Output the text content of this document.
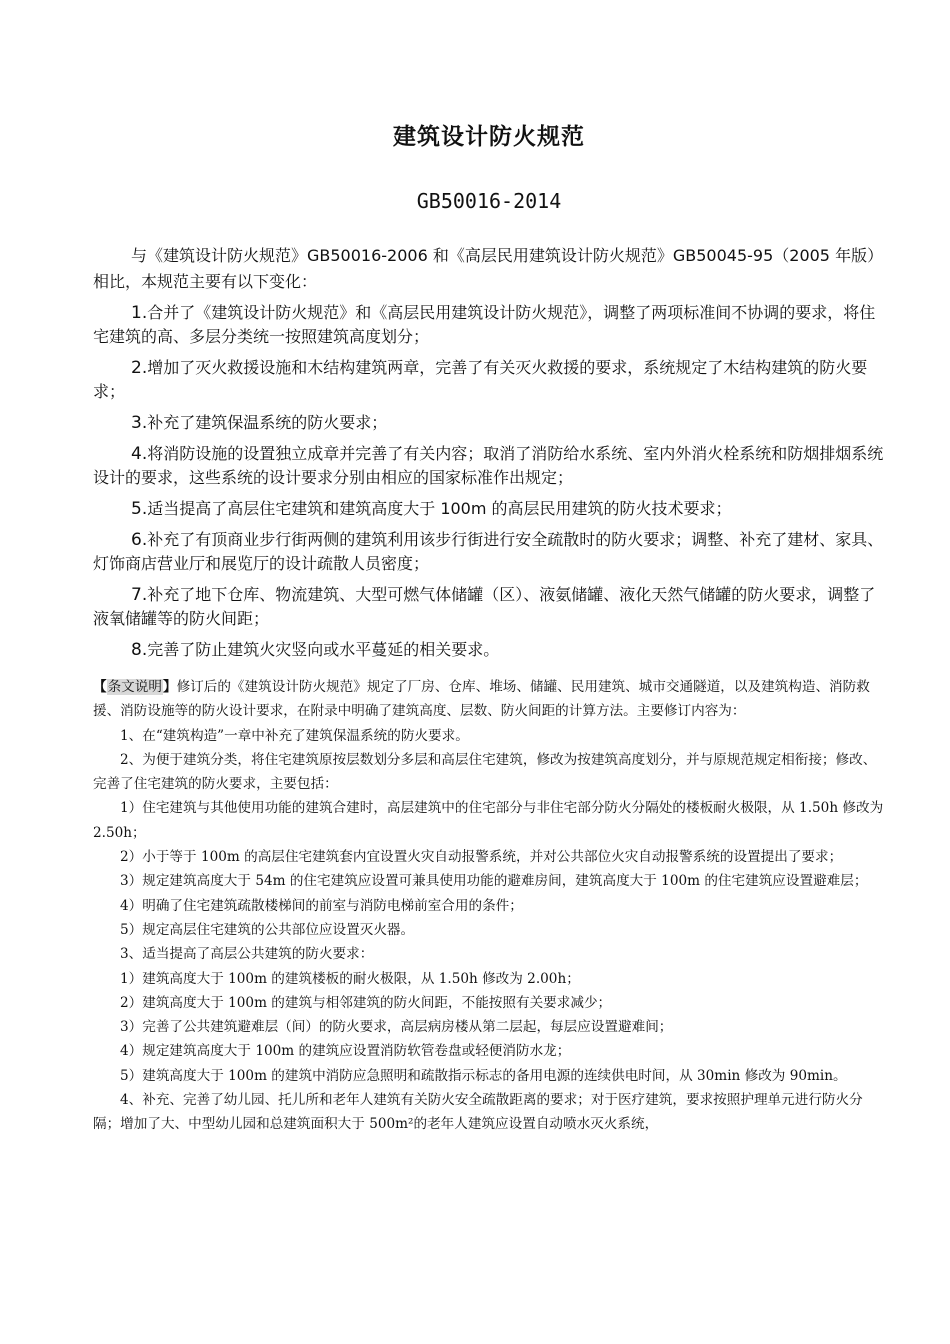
建筑设计防火规范
GB50016-2014

与《建筑设计防火规范》GB50016-2006 和《高层民用建筑设计防火规范》GB50045-95（2005 年版）相比，本规范主要有以下变化：

1.合并了《建筑设计防火规范》和《高层民用建筑设计防火规范》，调整了两项标准间不协调的要求，将住宅建筑的高、多层分类统一按照建筑高度划分；
2.增加了灭火救援设施和木结构建筑两章，完善了有关灭火救援的要求，系统规定了木结构建筑的防火要求；
3.补充了建筑保温系统的防火要求；
4.将消防设施的设置独立成章并完善了有关内容；取消了消防给水系统、室内外消火栓系统和防烟排烟系统设计的要求，这些系统的设计要求分别由相应的国家标准作出规定；
5.适当提高了高层住宅建筑和建筑高度大于 100m 的高层民用建筑的防火技术要求；
6.补充了有顶商业步行街两侧的建筑利用该步行街进行安全疏散时的防火要求；调整、补充了建材、家具、灯饰商店营业厅和展览厅的设计疏散人员密度；
7.补充了地下仓库、物流建筑、大型可燃气体储罐（区）、液氨储罐、液化天然气储罐的防火要求，调整了液氧储罐等的防火间距；
8.完善了防止建筑火灾竖向或水平蔓延的相关要求。

【条文说明】修订后的《建筑设计防火规范》规定了厂房、仓库、堆场、储罐、民用建筑、城市交通隧道，以及建筑构造、消防救援、消防设施等的防火设计要求，在附录中明确了建筑高度、层数、防火间距的计算方法。主要修订内容为：

1、在“建筑构造”一章中补充了建筑保温系统的防火要求。

2、为便于建筑分类，将住宅建筑原按层数划分多层和高层住宅建筑，修改为按建筑高度划分，并与原规范规定相衔接；修改、完善了住宅建筑的防火要求，主要包括：

1）住宅建筑与其他使用功能的建筑合建时，高层建筑中的住宅部分与非住宅部分防火分隔处的楼板耐火极限，从 1.50h 修改为 2.50h；

2）小于等于 100m 的高层住宅建筑套内宜设置火灾自动报警系统，并对公共部位火灾自动报警系统的设置提出了要求；

3）规定建筑高度大于 54m 的住宅建筑应设置可兼具使用功能的避难房间，建筑高度大于 100m 的住宅建筑应设置避难层；

4）明确了住宅建筑疏散楼梯间的前室与消防电梯前室合用的条件；

5）规定高层住宅建筑的公共部位应设置灭火器。

3、适当提高了高层公共建筑的防火要求：

1）建筑高度大于 100m 的建筑楼板的耐火极限，从 1.50h 修改为 2.00h；

2）建筑高度大于 100m 的建筑与相邻建筑的防火间距，不能按照有关要求减少；

3）完善了公共建筑避难层（间）的防火要求，高层病房楼从第二层起，每层应设置避难间；

4）规定建筑高度大于 100m 的建筑应设置消防软管卷盘或轻便消防水龙；

5）建筑高度大于 100m 的建筑中消防应急照明和疏散指示标志的备用电源的连续供电时间，从 30min 修改为 90min。

4、补充、完善了幼儿园、托儿所和老年人建筑有关防火安全疏散距离的要求；对于医疗建筑，要求按照护理单元进行防火分隔；增加了大、中型幼儿园和总建筑面积大于 500m²的老年人建筑应设置自动喷水灭火系统，
